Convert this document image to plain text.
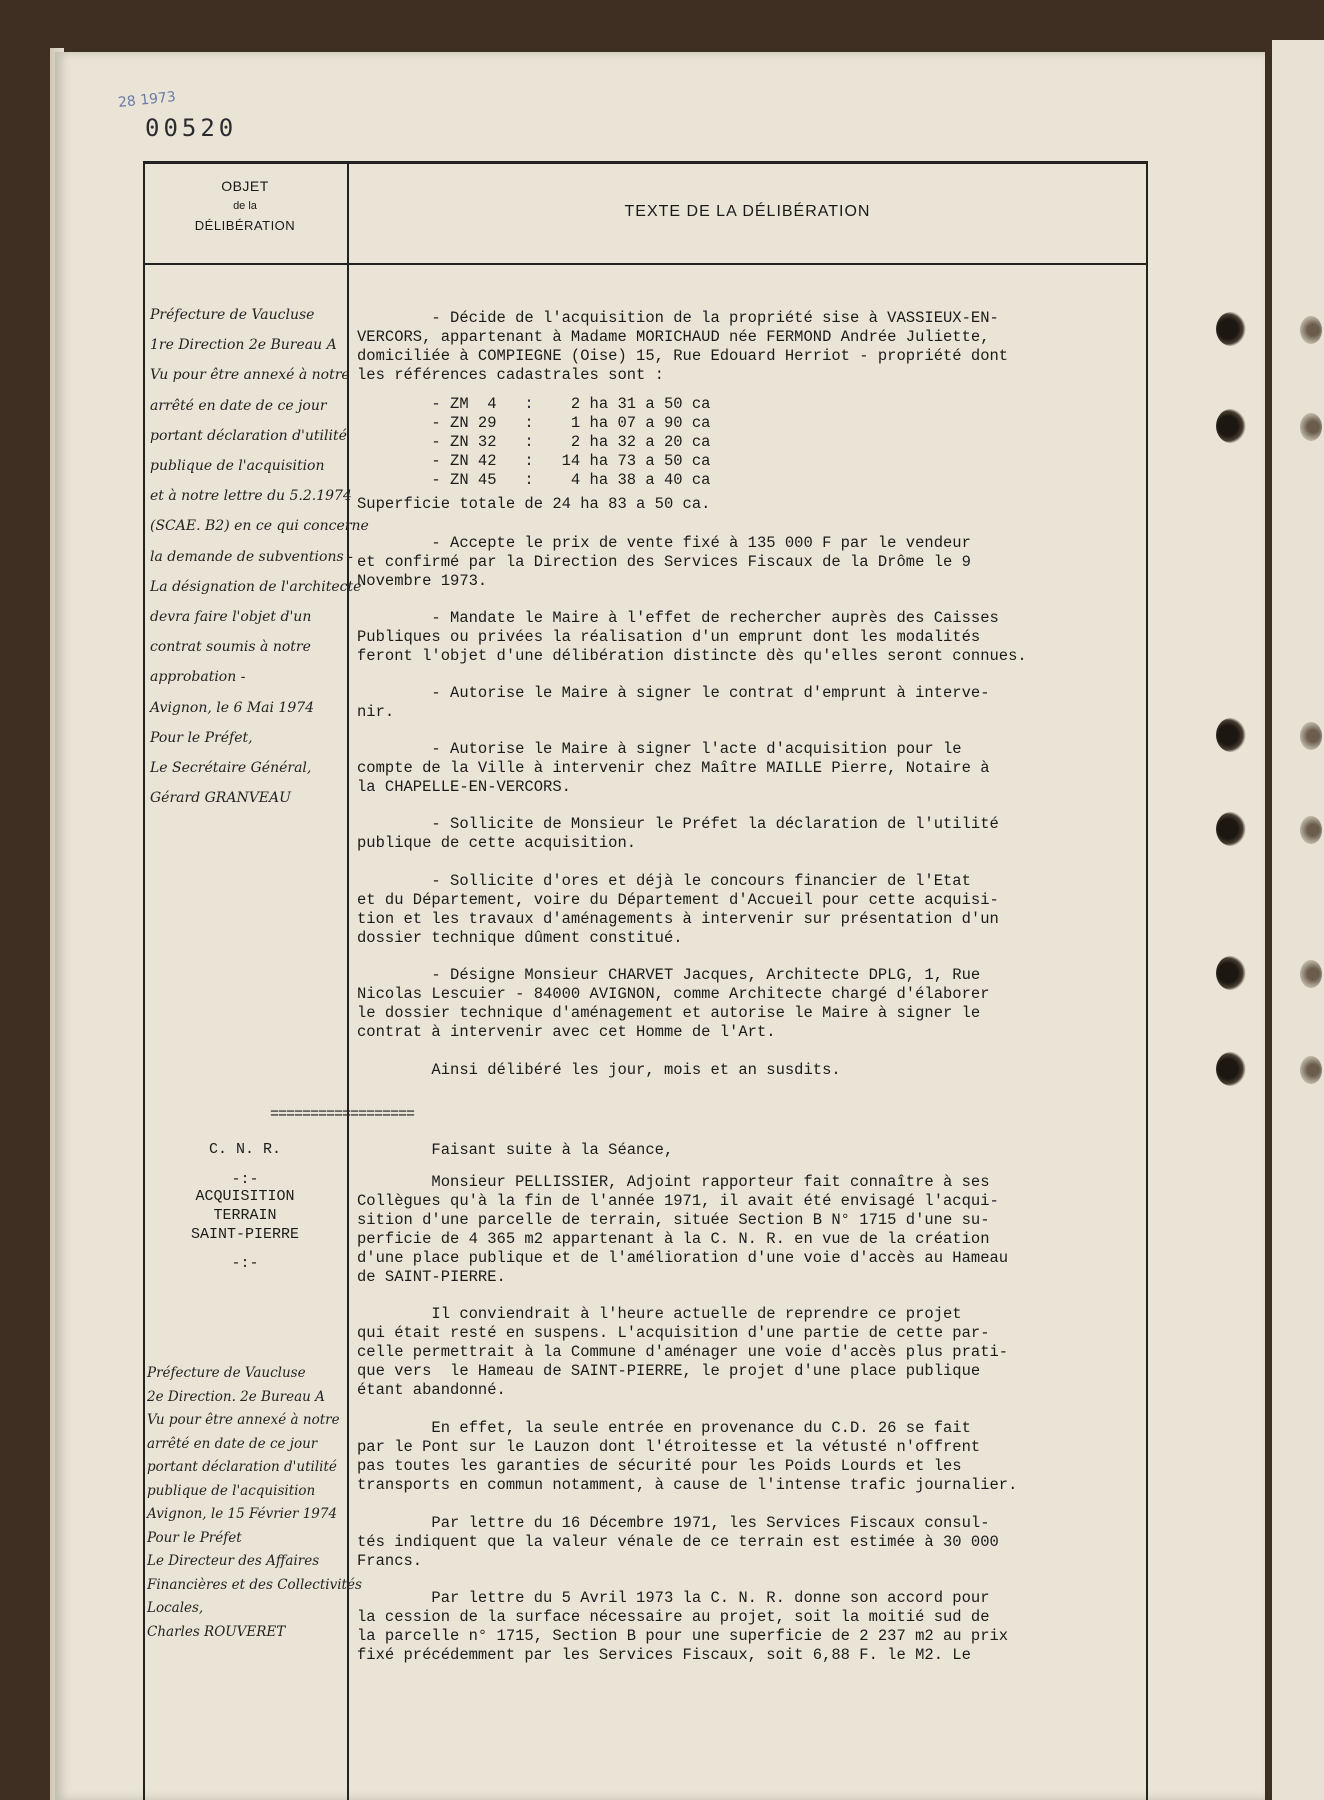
28 1973
00520
OBJET
de la
DÉLIBÉRATION
TEXTE DE LA DÉLIBÉRATION
Préfecture de Vaucluse
1re Direction 2e Bureau A
Vu pour être annexé à notre
arrêté en date de ce jour
portant déclaration d'utilité
publique de l'acquisition
et à notre lettre du 5.2.1974
(SCAE. B2) en ce qui concerne
la demande de subventions -
La désignation de l'architecte
devra faire l'objet d'un
contrat soumis à notre
approbation -
Avignon, le 6 Mai 1974
Pour le Préfet,
Le Secrétaire Général,
Gérard GRANVEAU
- Décide de l'acquisition de la propriété sise à VASSIEUX-EN-
VERCORS, appartenant à Madame MORICHAUD née FERMOND Andrée Juliette,
domiciliée à COMPIEGNE (Oise) 15, Rue Edouard Herriot - propriété dont
les références cadastrales sont :
- ZM  4   :    2 ha 31 a 50 ca
- ZN 29   :    1 ha 07 a 90 ca
- ZN 32   :    2 ha 32 a 20 ca
- ZN 42   :   14 ha 73 a 50 ca
- ZN 45   :    4 ha 38 a 40 ca
Superficie totale de 24 ha 83 a 50 ca.
- Accepte le prix de vente fixé à 135 000 F par le vendeur
et confirmé par la Direction des Services Fiscaux de la Drôme le 9
Novembre 1973.
- Mandate le Maire à l'effet de rechercher auprès des Caisses
Publiques ou privées la réalisation d'un emprunt dont les modalités
feront l'objet d'une délibération distincte dès qu'elles seront connues.
- Autorise le Maire à signer le contrat d'emprunt à interve-
nir.
- Autorise le Maire à signer l'acte d'acquisition pour le
compte de la Ville à intervenir chez Maître MAILLE Pierre, Notaire à
la CHAPELLE-EN-VERCORS.
- Sollicite de Monsieur le Préfet la déclaration de l'utilité
publique de cette acquisition.
- Sollicite d'ores et déjà le concours financier de l'Etat
et du Département, voire du Département d'Accueil pour cette acquisi-
tion et les travaux d'aménagements à intervenir sur présentation d'un
dossier technique dûment constitué.
- Désigne Monsieur CHARVET Jacques, Architecte DPLG, 1, Rue
Nicolas Lescuier - 84000 AVIGNON, comme Architecte chargé d'élaborer
le dossier technique d'aménagement et autorise le Maire à signer le
contrat à intervenir avec cet Homme de l'Art.
Ainsi délibéré les jour, mois et an susdits.
==================
C. N. R.
-:-
ACQUISITION
TERRAIN
SAINT-PIERRE
-:-
Préfecture de Vaucluse
2e Direction. 2e Bureau A
Vu pour être annexé à notre
arrêté en date de ce jour
portant déclaration d'utilité
publique de l'acquisition
Avignon, le 15 Février 1974
Pour le Préfet
Le Directeur des Affaires
Financières et des Collectivités
Locales,
Charles ROUVERET
Faisant suite à la Séance,
Monsieur PELLISSIER, Adjoint rapporteur fait connaître à ses
Collègues qu'à la fin de l'année 1971, il avait été envisagé l'acqui-
sition d'une parcelle de terrain, située Section B N° 1715 d'une su-
perficie de 4 365 m2 appartenant à la C. N. R. en vue de la création
d'une place publique et de l'amélioration d'une voie d'accès au Hameau
de SAINT-PIERRE.
Il conviendrait à l'heure actuelle de reprendre ce projet
qui était resté en suspens. L'acquisition d'une partie de cette par-
celle permettrait à la Commune d'aménager une voie d'accès plus prati-
que vers  le Hameau de SAINT-PIERRE, le projet d'une place publique
étant abandonné.
En effet, la seule entrée en provenance du C.D. 26 se fait
par le Pont sur le Lauzon dont l'étroitesse et la vétusté n'offrent
pas toutes les garanties de sécurité pour les Poids Lourds et les
transports en commun notamment, à cause de l'intense trafic journalier.
Par lettre du 16 Décembre 1971, les Services Fiscaux consul-
tés indiquent que la valeur vénale de ce terrain est estimée à 30 000
Francs.
Par lettre du 5 Avril 1973 la C. N. R. donne son accord pour
la cession de la surface nécessaire au projet, soit la moitié sud de
la parcelle n° 1715, Section B pour une superficie de 2 237 m2 au prix
fixé précédemment par les Services Fiscaux, soit 6,88 F. le M2. Le
